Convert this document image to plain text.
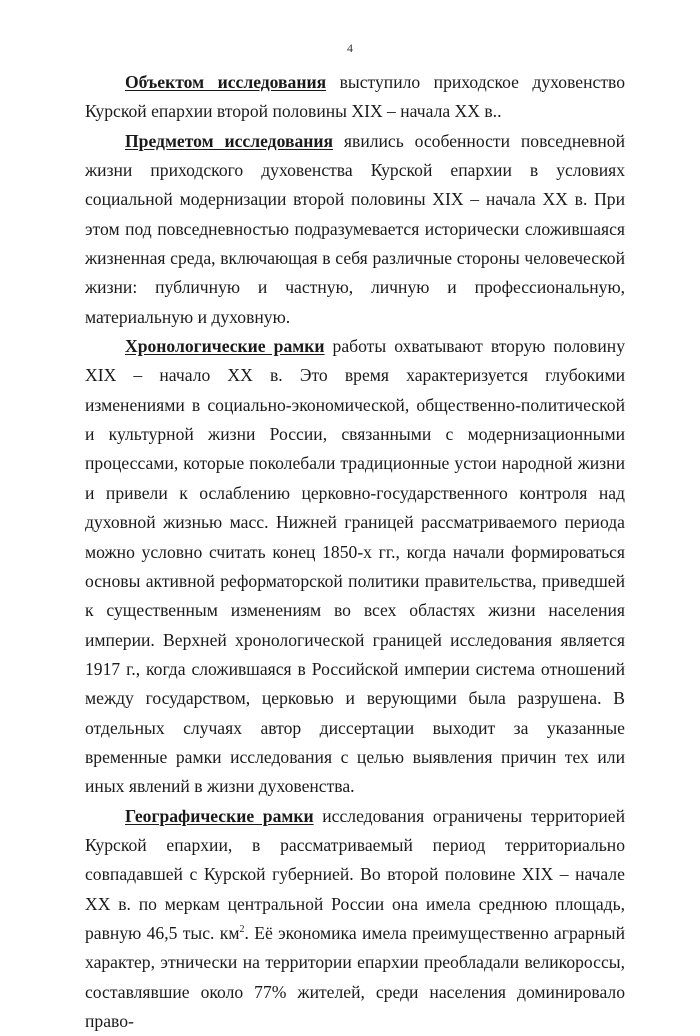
4

Объектом исследования выступило приходское духовенство Курской епархии второй половины XIX – начала XX в..

Предметом исследования явились особенности повседневной жизни приходского духовенства Курской епархии в условиях социальной модернизации второй половины XIX – начала XX в. При этом под повседневностью подразумевается исторически сложившаяся жизненная среда, включающая в себя различные стороны человеческой жизни: публичную и частную, личную и профессиональную, материальную и духовную.

Хронологические рамки работы охватывают вторую половину XIX – начало XX в. Это время характеризуется глубокими изменениями в социально-экономической, общественно-политической и культурной жизни России, связанными с модернизационными процессами, которые поколебали традиционные устои народной жизни и привели к ослаблению церковно-государственного контроля над духовной жизнью масс. Нижней границей рассматриваемого периода можно условно считать конец 1850-х гг., когда начали формироваться основы активной реформаторской политики правительства, приведшей к существенным изменениям во всех областях жизни населения империи. Верхней хронологической границей исследования является 1917 г., когда сложившаяся в Российской империи система отношений между государством, церковью и верующими была разрушена. В отдельных случаях автор диссертации выходит за указанные временные рамки исследования с целью выявления причин тех или иных явлений в жизни духовенства.

Географические рамки исследования ограничены территорией Курской епархии, в рассматриваемый период территориально совпадавшей с Курской губернией. Во второй половине XIX – начале XX в. по меркам центральной России она имела среднюю площадь, равную 46,5 тыс. $км^2$. Её экономика имела преимущественно аграрный характер, этнически на территории епархии преобладали великороссы, составлявшие около 77% жителей, среди населения доминировало право-
